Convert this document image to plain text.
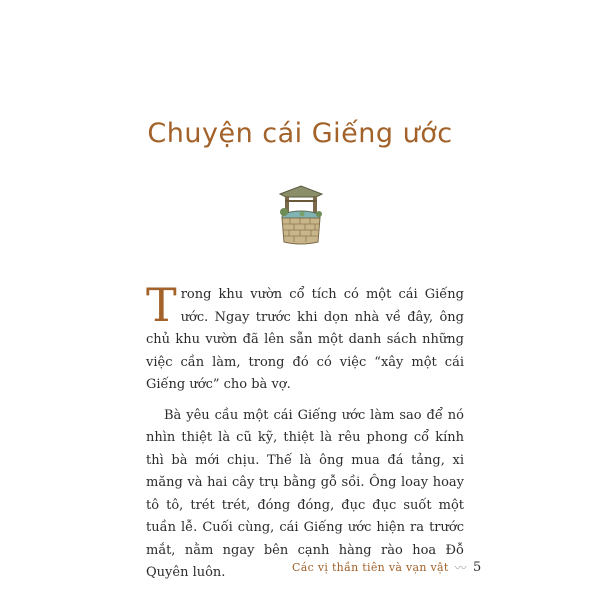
Chuyện cái Giếng ước

Trong khu vườn cổ tích có một cái Giếng ước. Ngay trước khi dọn nhà về đây, ông chủ khu vườn đã lên sẵn một danh sách những việc cần làm, trong đó có việc “xây một cái Giếng ước” cho bà vợ.

Bà yêu cầu một cái Giếng ước làm sao để nó nhìn thiệt là cũ kỹ, thiệt là rêu phong cổ kính thì bà mới chịu. Thế là ông mua đá tảng, xi măng và hai cây trụ bằng gỗ sồi. Ông loay hoay tô tô, trét trét, đóng đóng, đục đục suốt một tuần lễ. Cuối cùng, cái Giếng ước hiện ra trước mắt, nằm ngay bên cạnh hàng rào hoa Đỗ Quyên luôn.	Các vị thần tiên và vạn vật 〰 5
